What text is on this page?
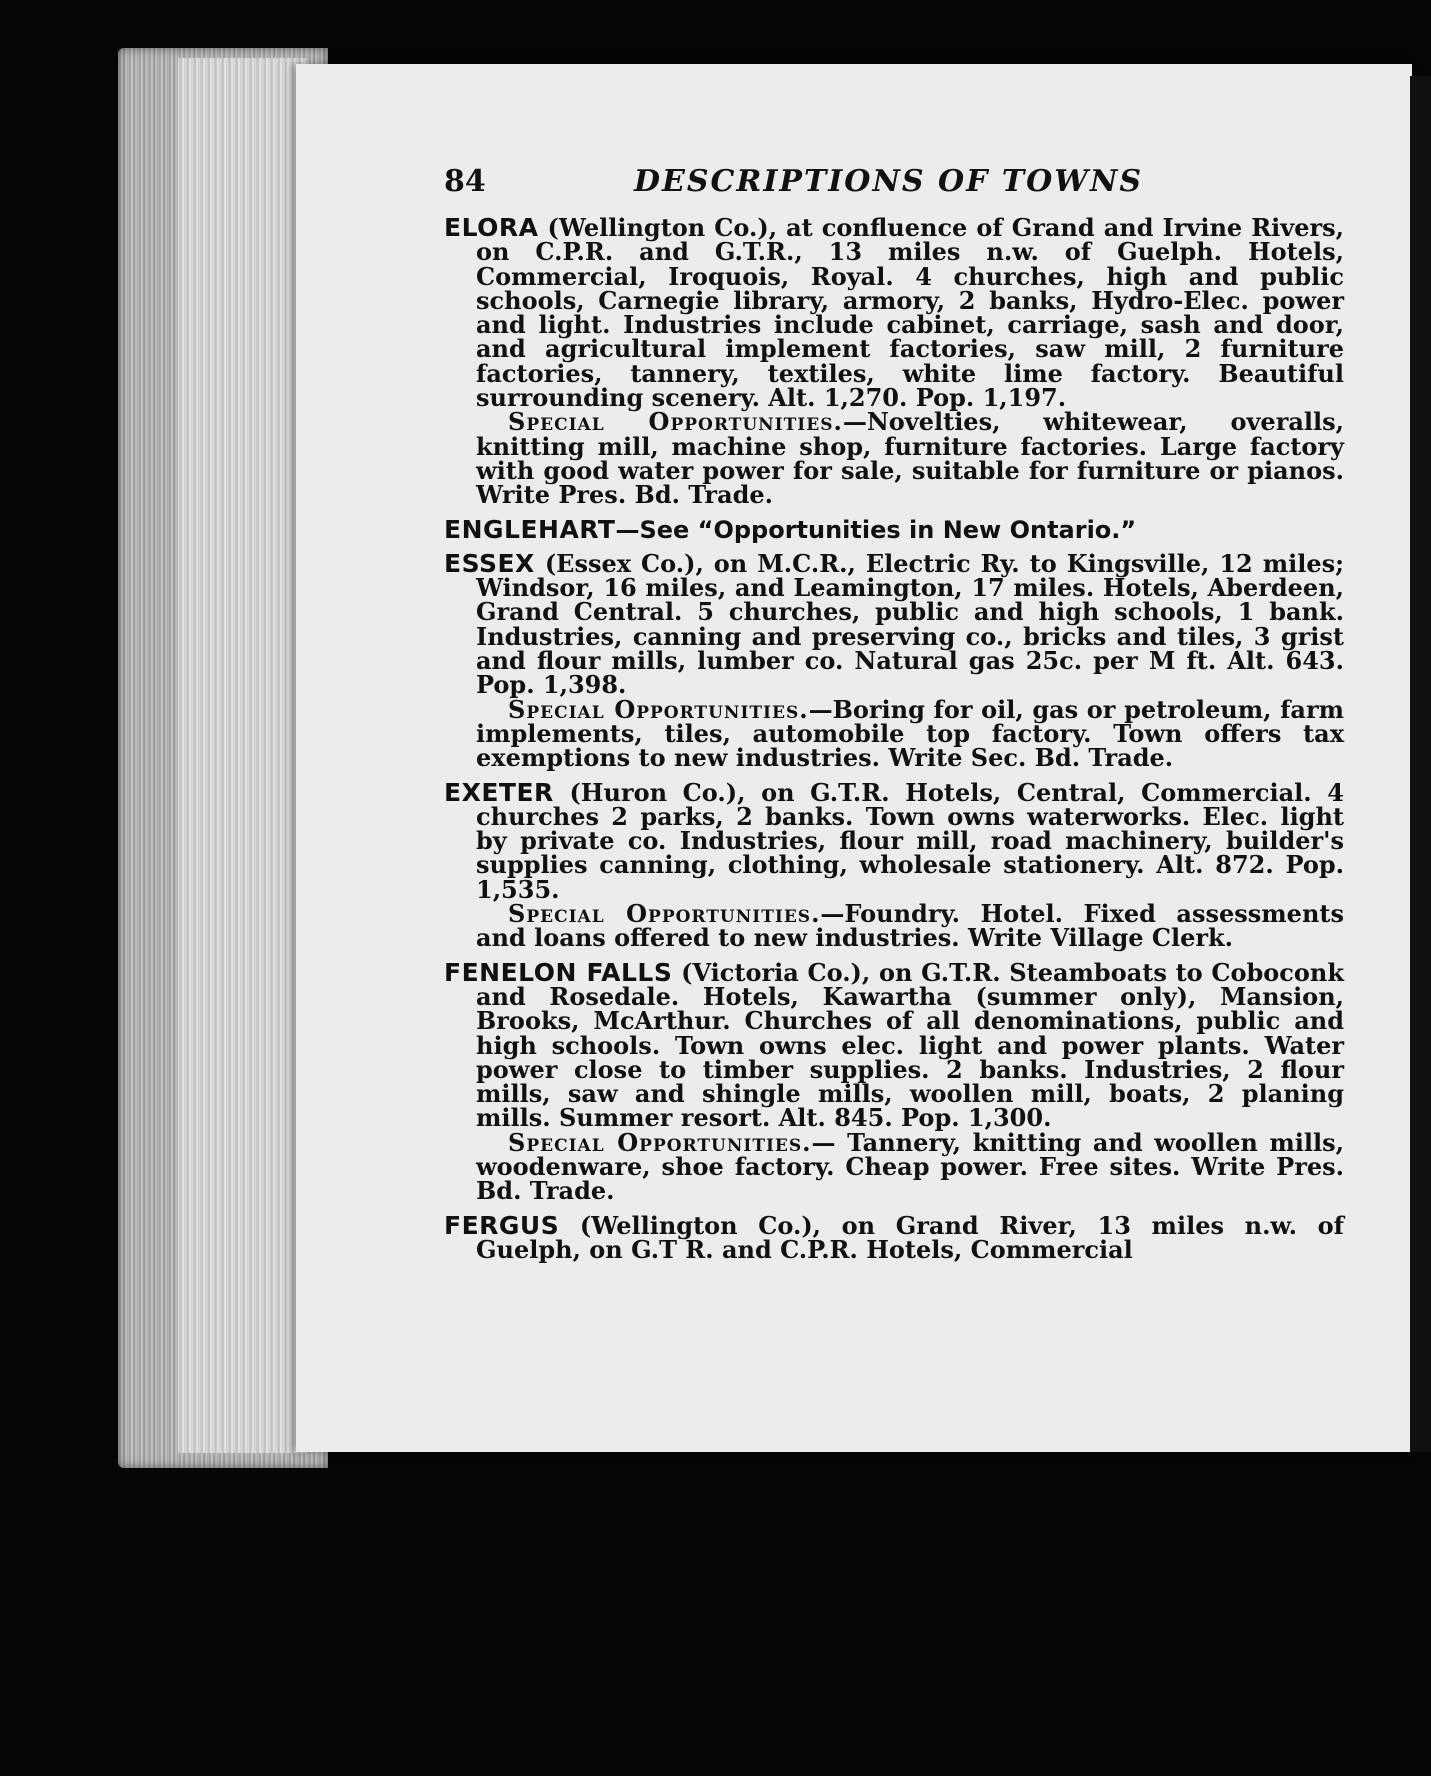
84	DESCRIPTIONS OF TOWNS

ELORA (Wellington Co.), at confluence of Grand and Irvine Rivers, on C.P.R. and G.T.R., 13 miles n.w. of Guelph. Hotels, Commercial, Iroquois, Royal. 4 churches, high and public schools, Carnegie library, armory, 2 banks, Hydro-Elec. power and light. Industries include cabinet, carriage, sash and door, and agricultural implement factories, saw mill, 2 furniture factories, tannery, textiles, white lime factory. Beautiful surrounding scenery. Alt. 1,270. Pop. 1,197.

Special Opportunities.—Novelties, whitewear, overalls, knitting mill, machine shop, furniture factories. Large factory with good water power for sale, suitable for furniture or pianos. Write Pres. Bd. Trade.

ENGLEHART—See “Opportunities in New Ontario.”

ESSEX (Essex Co.), on M.C.R., Electric Ry. to Kingsville, 12 miles; Windsor, 16 miles, and Leamington, 17 miles. Hotels, Aberdeen, Grand Central. 5 churches, public and high schools, 1 bank. Industries, canning and preserving co., bricks and tiles, 3 grist and flour mills, lumber co. Natural gas 25c. per M ft. Alt. 643. Pop. 1,398.

Special Opportunities.—Boring for oil, gas or petroleum, farm implements, tiles, automobile top factory. Town offers tax exemptions to new industries. Write Sec. Bd. Trade.

EXETER (Huron Co.), on G.T.R. Hotels, Central, Commercial. 4 churches 2 parks, 2 banks. Town owns waterworks. Elec. light by private co. Industries, flour mill, road machinery, builder's supplies canning, clothing, wholesale stationery. Alt. 872. Pop. 1,535.

Special Opportunities.—Foundry. Hotel. Fixed assessments and loans offered to new industries. Write Village Clerk.

FENELON FALLS (Victoria Co.), on G.T.R. Steamboats to Coboconk and Rosedale. Hotels, Kawartha (summer only), Mansion, Brooks, McArthur. Churches of all denominations, public and high schools. Town owns elec. light and power plants. Water power close to timber supplies. 2 banks. Industries, 2 flour mills, saw and shingle mills, woollen mill, boats, 2 planing mills. Summer resort. Alt. 845. Pop. 1,300.

Special Opportunities.— Tannery, knitting and woollen mills, woodenware, shoe factory. Cheap power. Free sites. Write Pres. Bd. Trade.

FERGUS (Wellington Co.), on Grand River, 13 miles n.w. of Guelph, on G.T R. and C.P.R. Hotels, Commercial
